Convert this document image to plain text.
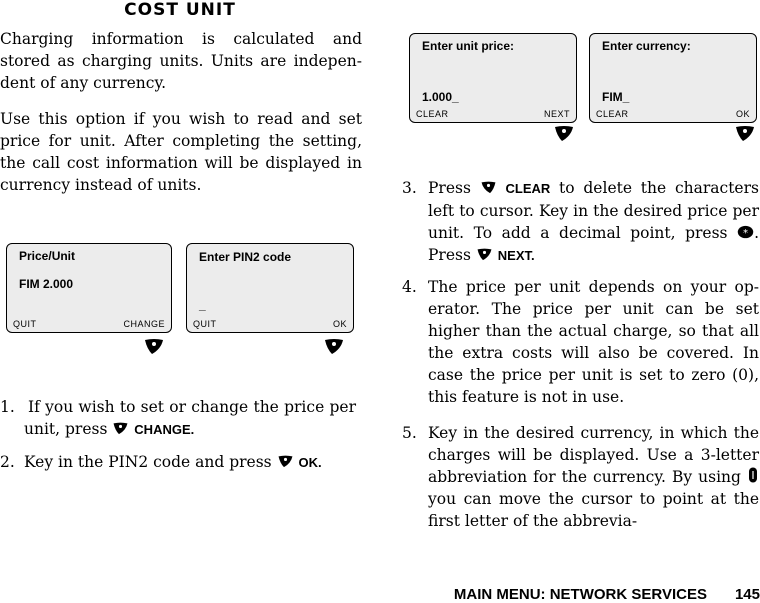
COST UNIT
Charging information is calculated and stored as charging units. Units are indepen-dent of any currency.
Use this option if you wish to read and set price for unit. After completing the setting, the call cost information will be displayed in currency instead of units.
Price/Unit
FIM 2.000
QUIT	CHANGE
Enter PIN2 code
_
QUIT	OK
1. If you wish to set or change the price per unit, press CHANGE.
2. Key in the PIN2 code and press OK.
Enter unit price:
1.000_
CLEAR	NEXT
Enter currency:
FIM_
CLEAR	OK
3. Press	CLEAR to delete the characters left to cursor. Key in the desired price per unit. To add a decimal point, press * . Press NEXT.
4. The price per unit depends on your op-erator. The price per unit can be set higher than the actual charge, so that all the extra costs will also be covered. In case the price per unit is set to zero (0), this feature is not in use.
5. Key in the desired currency, in which the charges will be displayed. Use a 3-letter abbreviation for the currency. By using  you can move the cursor to point at the first letter of the abbrevia-
MAIN MENU: NETWORK SERVICES 145
